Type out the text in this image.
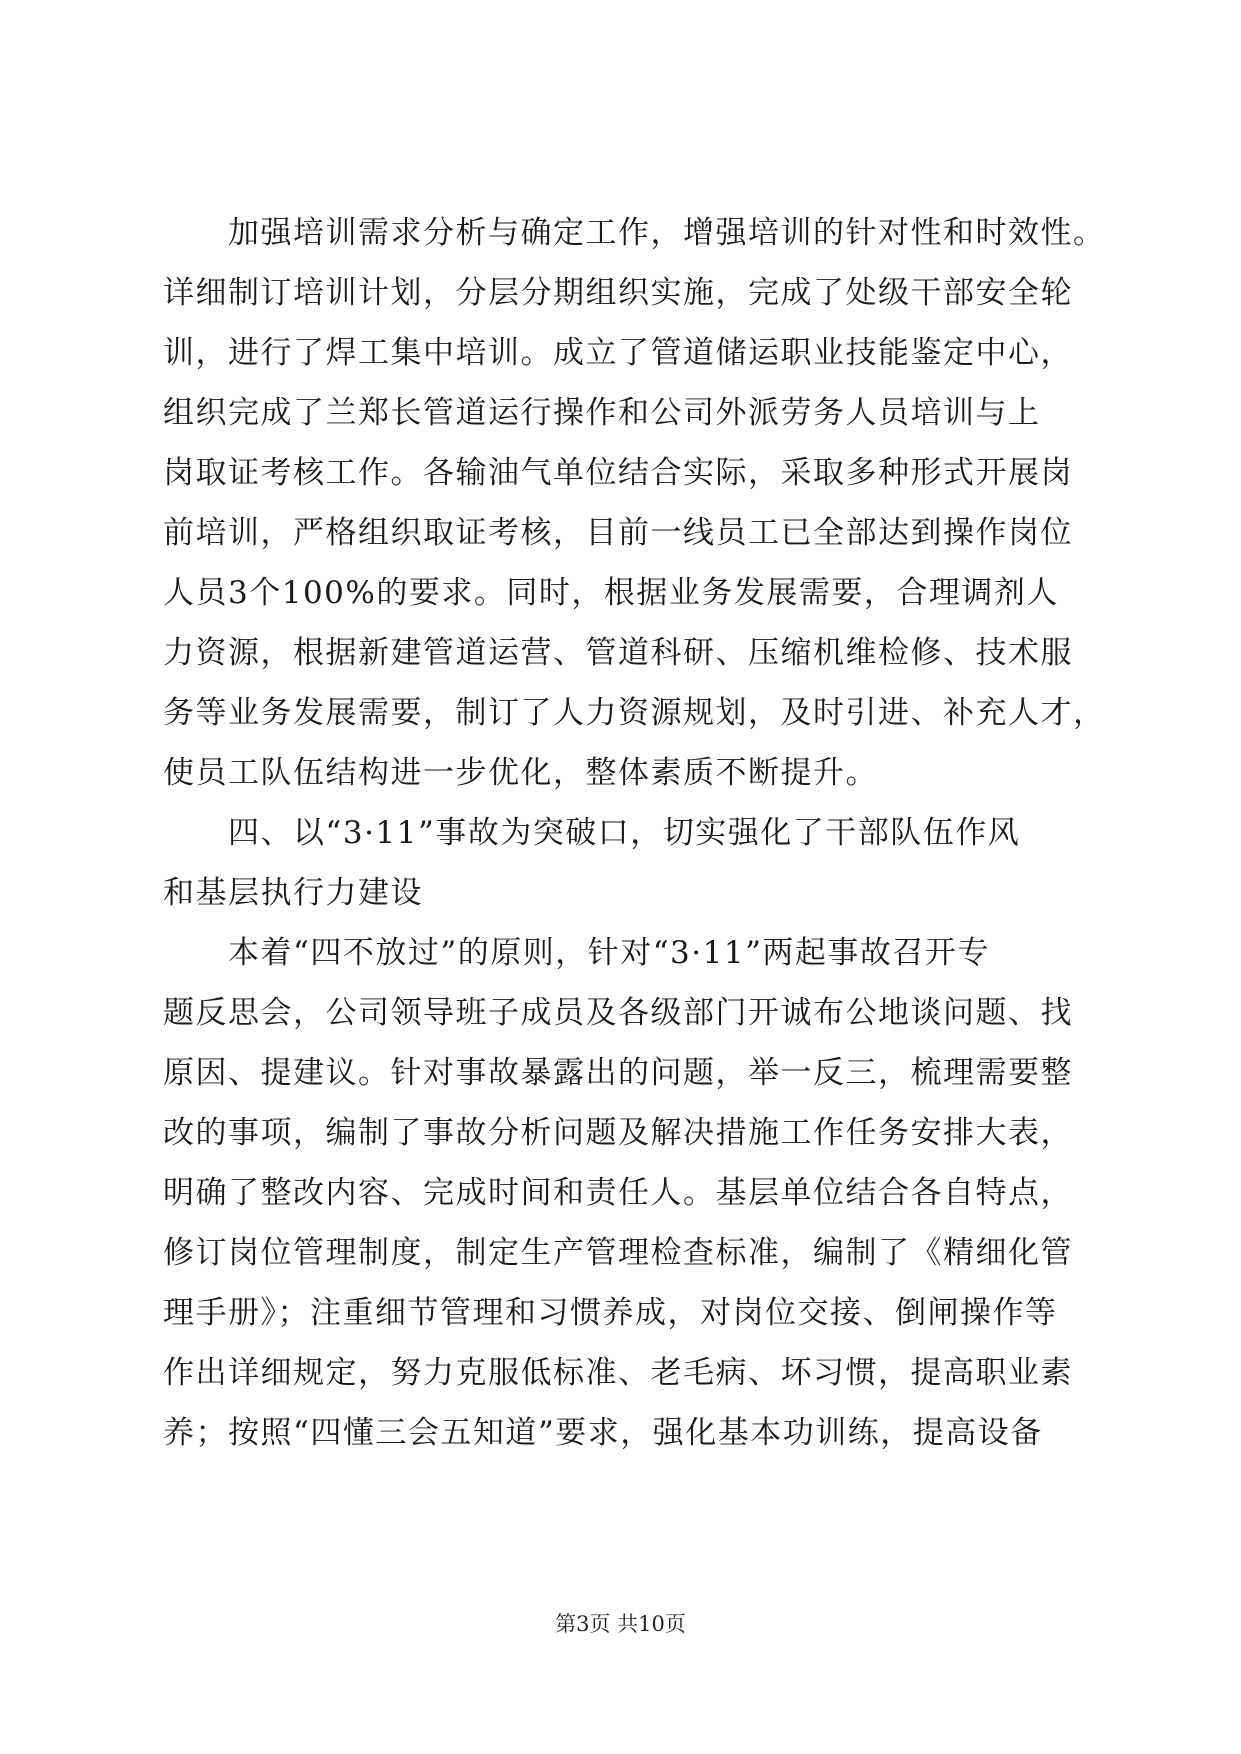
　　加强培训需求分析与确定工作，增强培训的针对性和时效性。
详细制订培训计划，分层分期组织实施，完成了处级干部安全轮
训，进行了焊工集中培训。成立了管道储运职业技能鉴定中心，
组织完成了兰郑长管道运行操作和公司外派劳务人员培训与上
岗取证考核工作。各输油气单位结合实际，采取多种形式开展岗
前培训，严格组织取证考核，目前一线员工已全部达到操作岗位
人员3个100%的要求。同时，根据业务发展需要，合理调剂人
力资源，根据新建管道运营、管道科研、压缩机维检修、技术服
务等业务发展需要，制订了人力资源规划，及时引进、补充人才，
使员工队伍结构进一步优化，整体素质不断提升。
　　四、以“3·11”事故为突破口，切实强化了干部队伍作风
和基层执行力建设
　　本着“四不放过”的原则，针对“3·11”两起事故召开专
题反思会，公司领导班子成员及各级部门开诚布公地谈问题、找
原因、提建议。针对事故暴露出的问题，举一反三，梳理需要整
改的事项，编制了事故分析问题及解决措施工作任务安排大表，
明确了整改内容、完成时间和责任人。基层单位结合各自特点，
修订岗位管理制度，制定生产管理检查标准，编制了《精细化管
理手册》；注重细节管理和习惯养成，对岗位交接、倒闸操作等
作出详细规定，努力克服低标准、老毛病、坏习惯，提高职业素
养；按照“四懂三会五知道”要求，强化基本功训练，提高设备
第3页 共10页
